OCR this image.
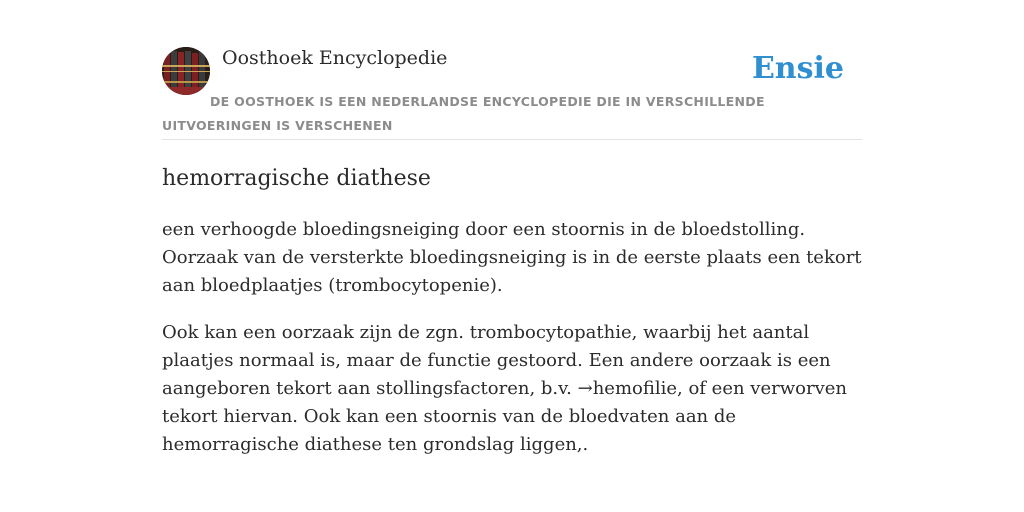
Oosthoek Encyclopedie	Ensie
DE OOSTHOEK IS EEN NEDERLANDSE ENCYCLOPEDIE DIE IN VERSCHILLENDE UITVOERINGEN IS VERSCHENEN
hemorragische diathese

een verhoogde bloedingsneiging door een stoornis in de bloedstolling. Oorzaak van de versterkte bloedingsneiging is in de eerste plaats een tekort aan bloedplaatjes (trombocytopenie).

Ook kan een oorzaak zijn de zgn. trombocytopathie, waarbij het aantal plaatjes normaal is, maar de functie gestoord. Een andere oorzaak is een aangeboren tekort aan stollingsfactoren, b.v. →hemofilie, of een verworven tekort hiervan. Ook kan een stoornis van de bloedvaten aan de hemorragische diathese ten grondslag liggen,.
